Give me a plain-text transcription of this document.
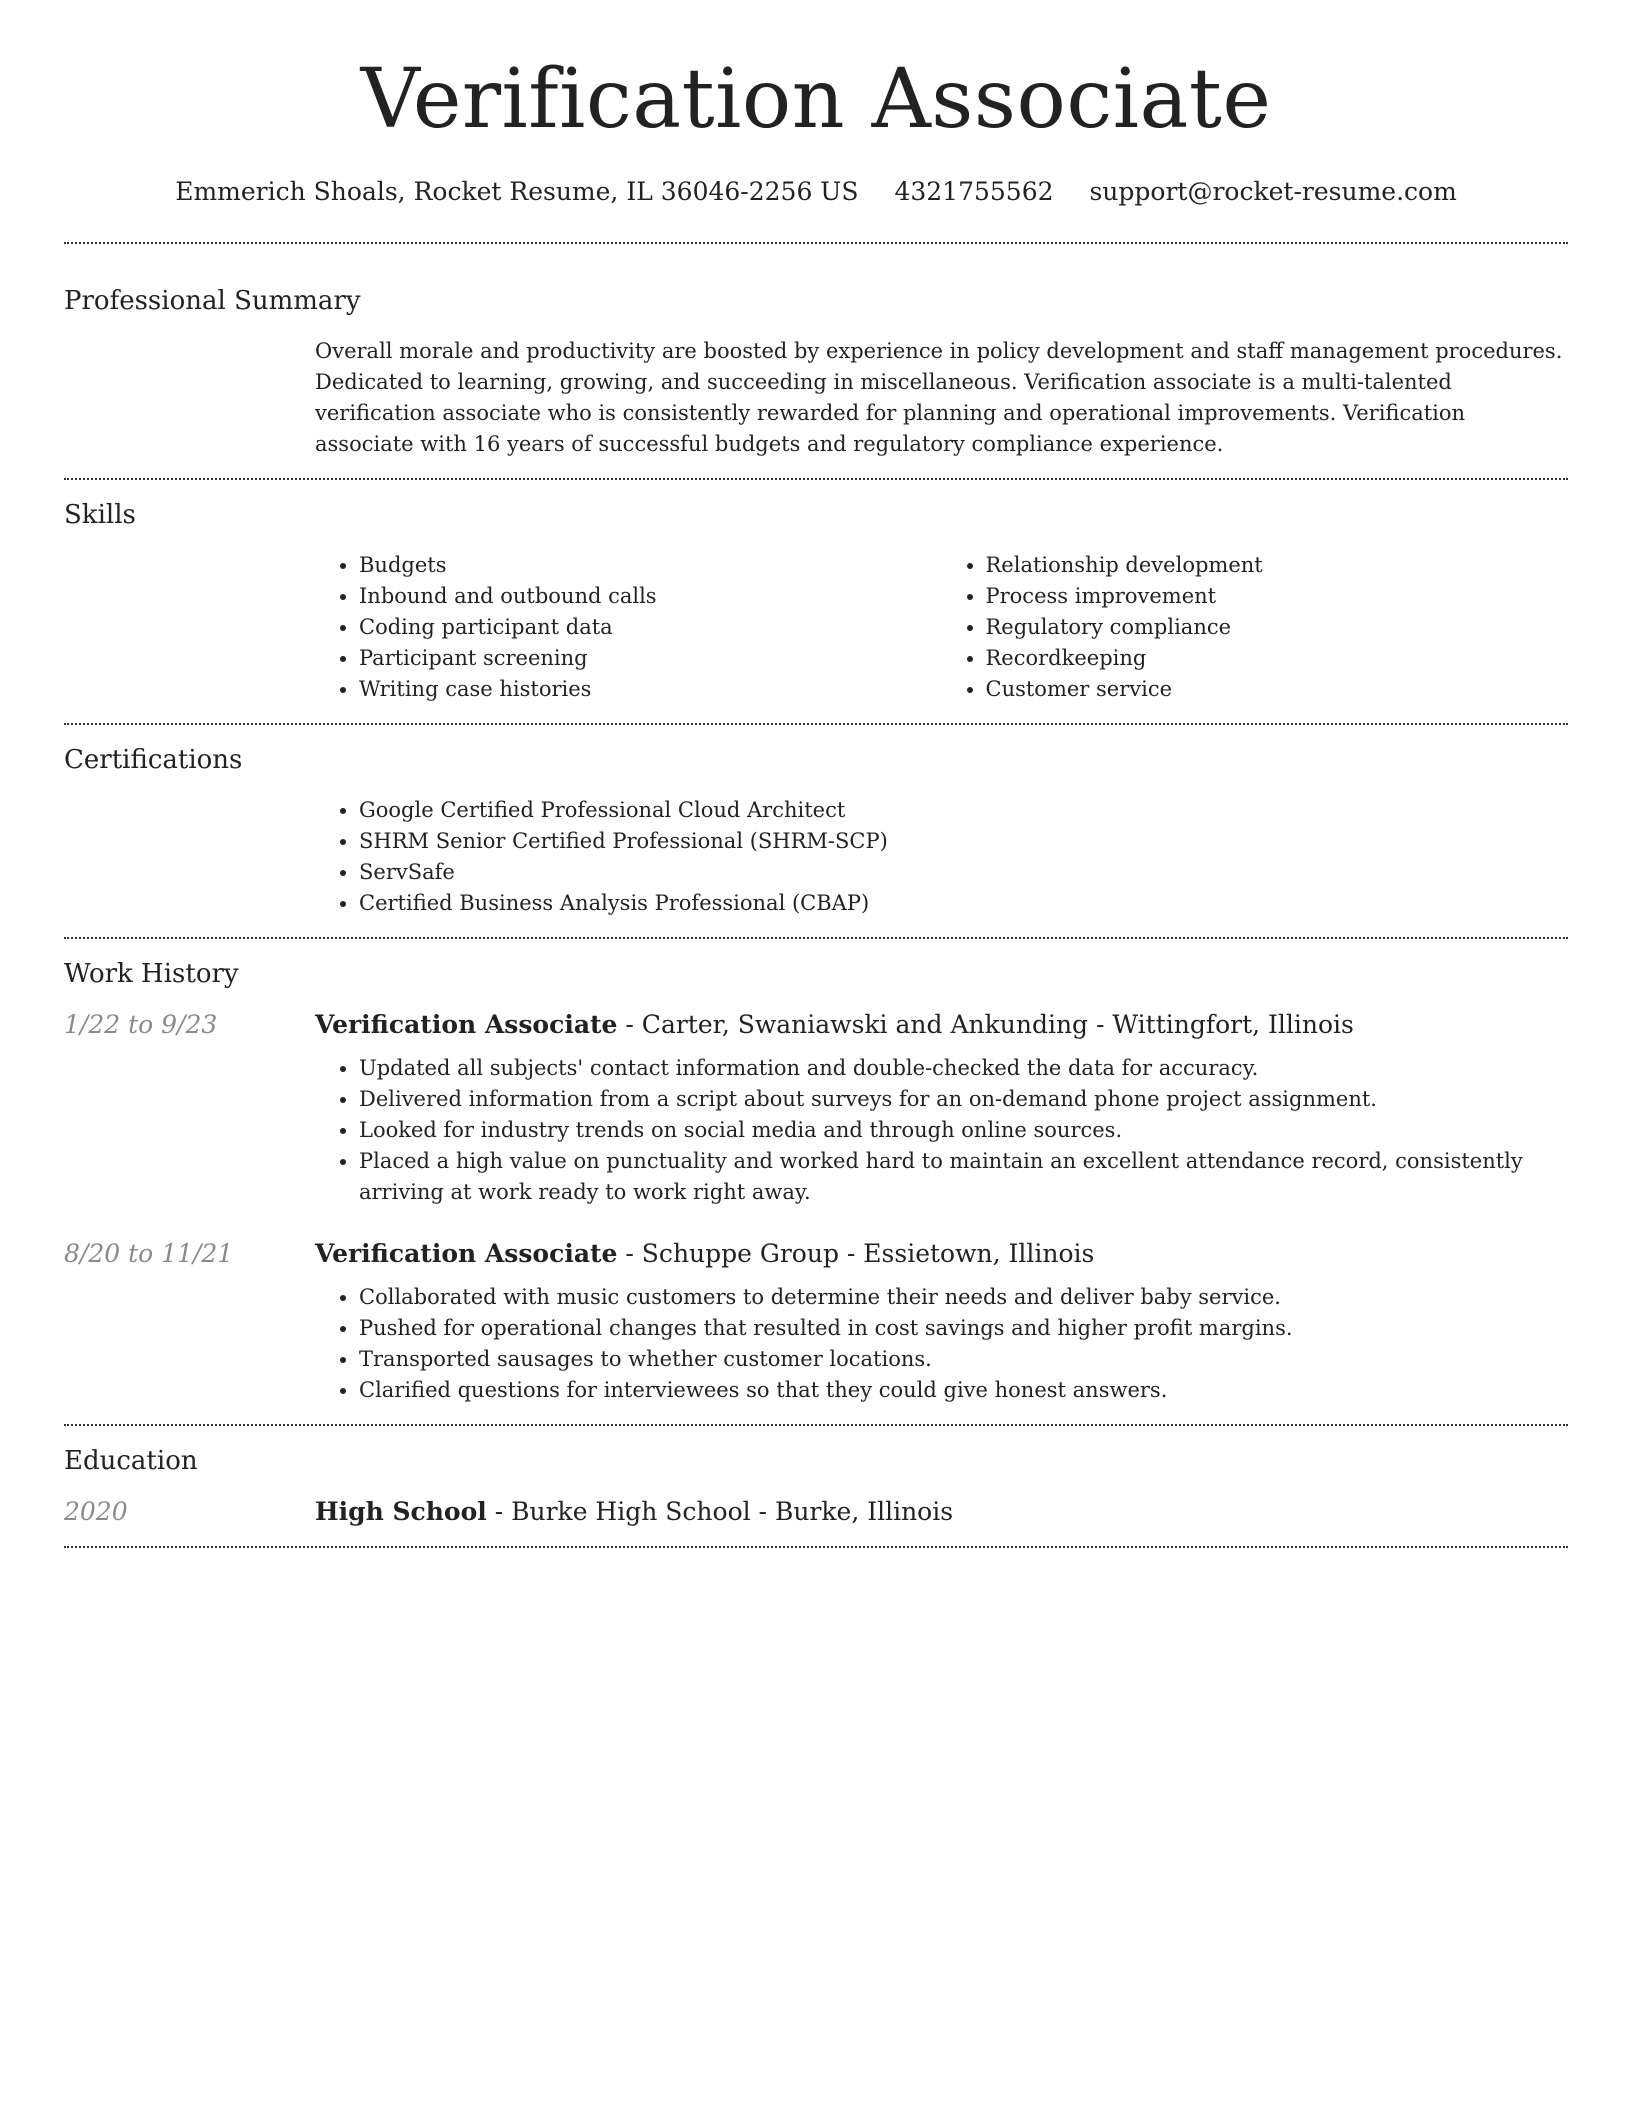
Verification Associate
Emmerich Shoals, Rocket Resume, IL 36046-2256 US 4321755562 support@rocket-resume.com
Professional Summary

Overall morale and productivity are boosted by experience in policy development and staff management procedures. Dedicated to learning, growing, and succeeding in miscellaneous. Verification associate is a multi-talented verification associate who is consistently rewarded for planning and operational improvements. Verification associate with 16 years of successful budgets and regulatory compliance experience.

Skills
• Budgets
• Inbound and outbound calls
• Coding participant data
• Participant screening
• Writing case histories
• Relationship development
• Process improvement
• Regulatory compliance
• Recordkeeping
• Customer service
Certifications
• Google Certified Professional Cloud Architect
• SHRM Senior Certified Professional (SHRM-SCP)
• ServSafe
• Certified Business Analysis Professional (CBAP)
Work History
1/22 to 9/23	Verification Associate - Carter, Swaniawski and Ankunding - Wittingfort, Illinois

• Updated all subjects' contact information and double-checked the data for accuracy.
• Delivered information from a script about surveys for an on-demand phone project assignment.
• Looked for industry trends on social media and through online sources.
• Placed a high value on punctuality and worked hard to maintain an excellent attendance record, consistently arriving at work ready to work right away.
8/20 to 11/21	Verification Associate - Schuppe Group - Essietown, Illinois

• Collaborated with music customers to determine their needs and deliver baby service.
• Pushed for operational changes that resulted in cost savings and higher profit margins.
• Transported sausages to whether customer locations.
• Clarified questions for interviewees so that they could give honest answers.
Education
2020	High School - Burke High School - Burke, Illinois
